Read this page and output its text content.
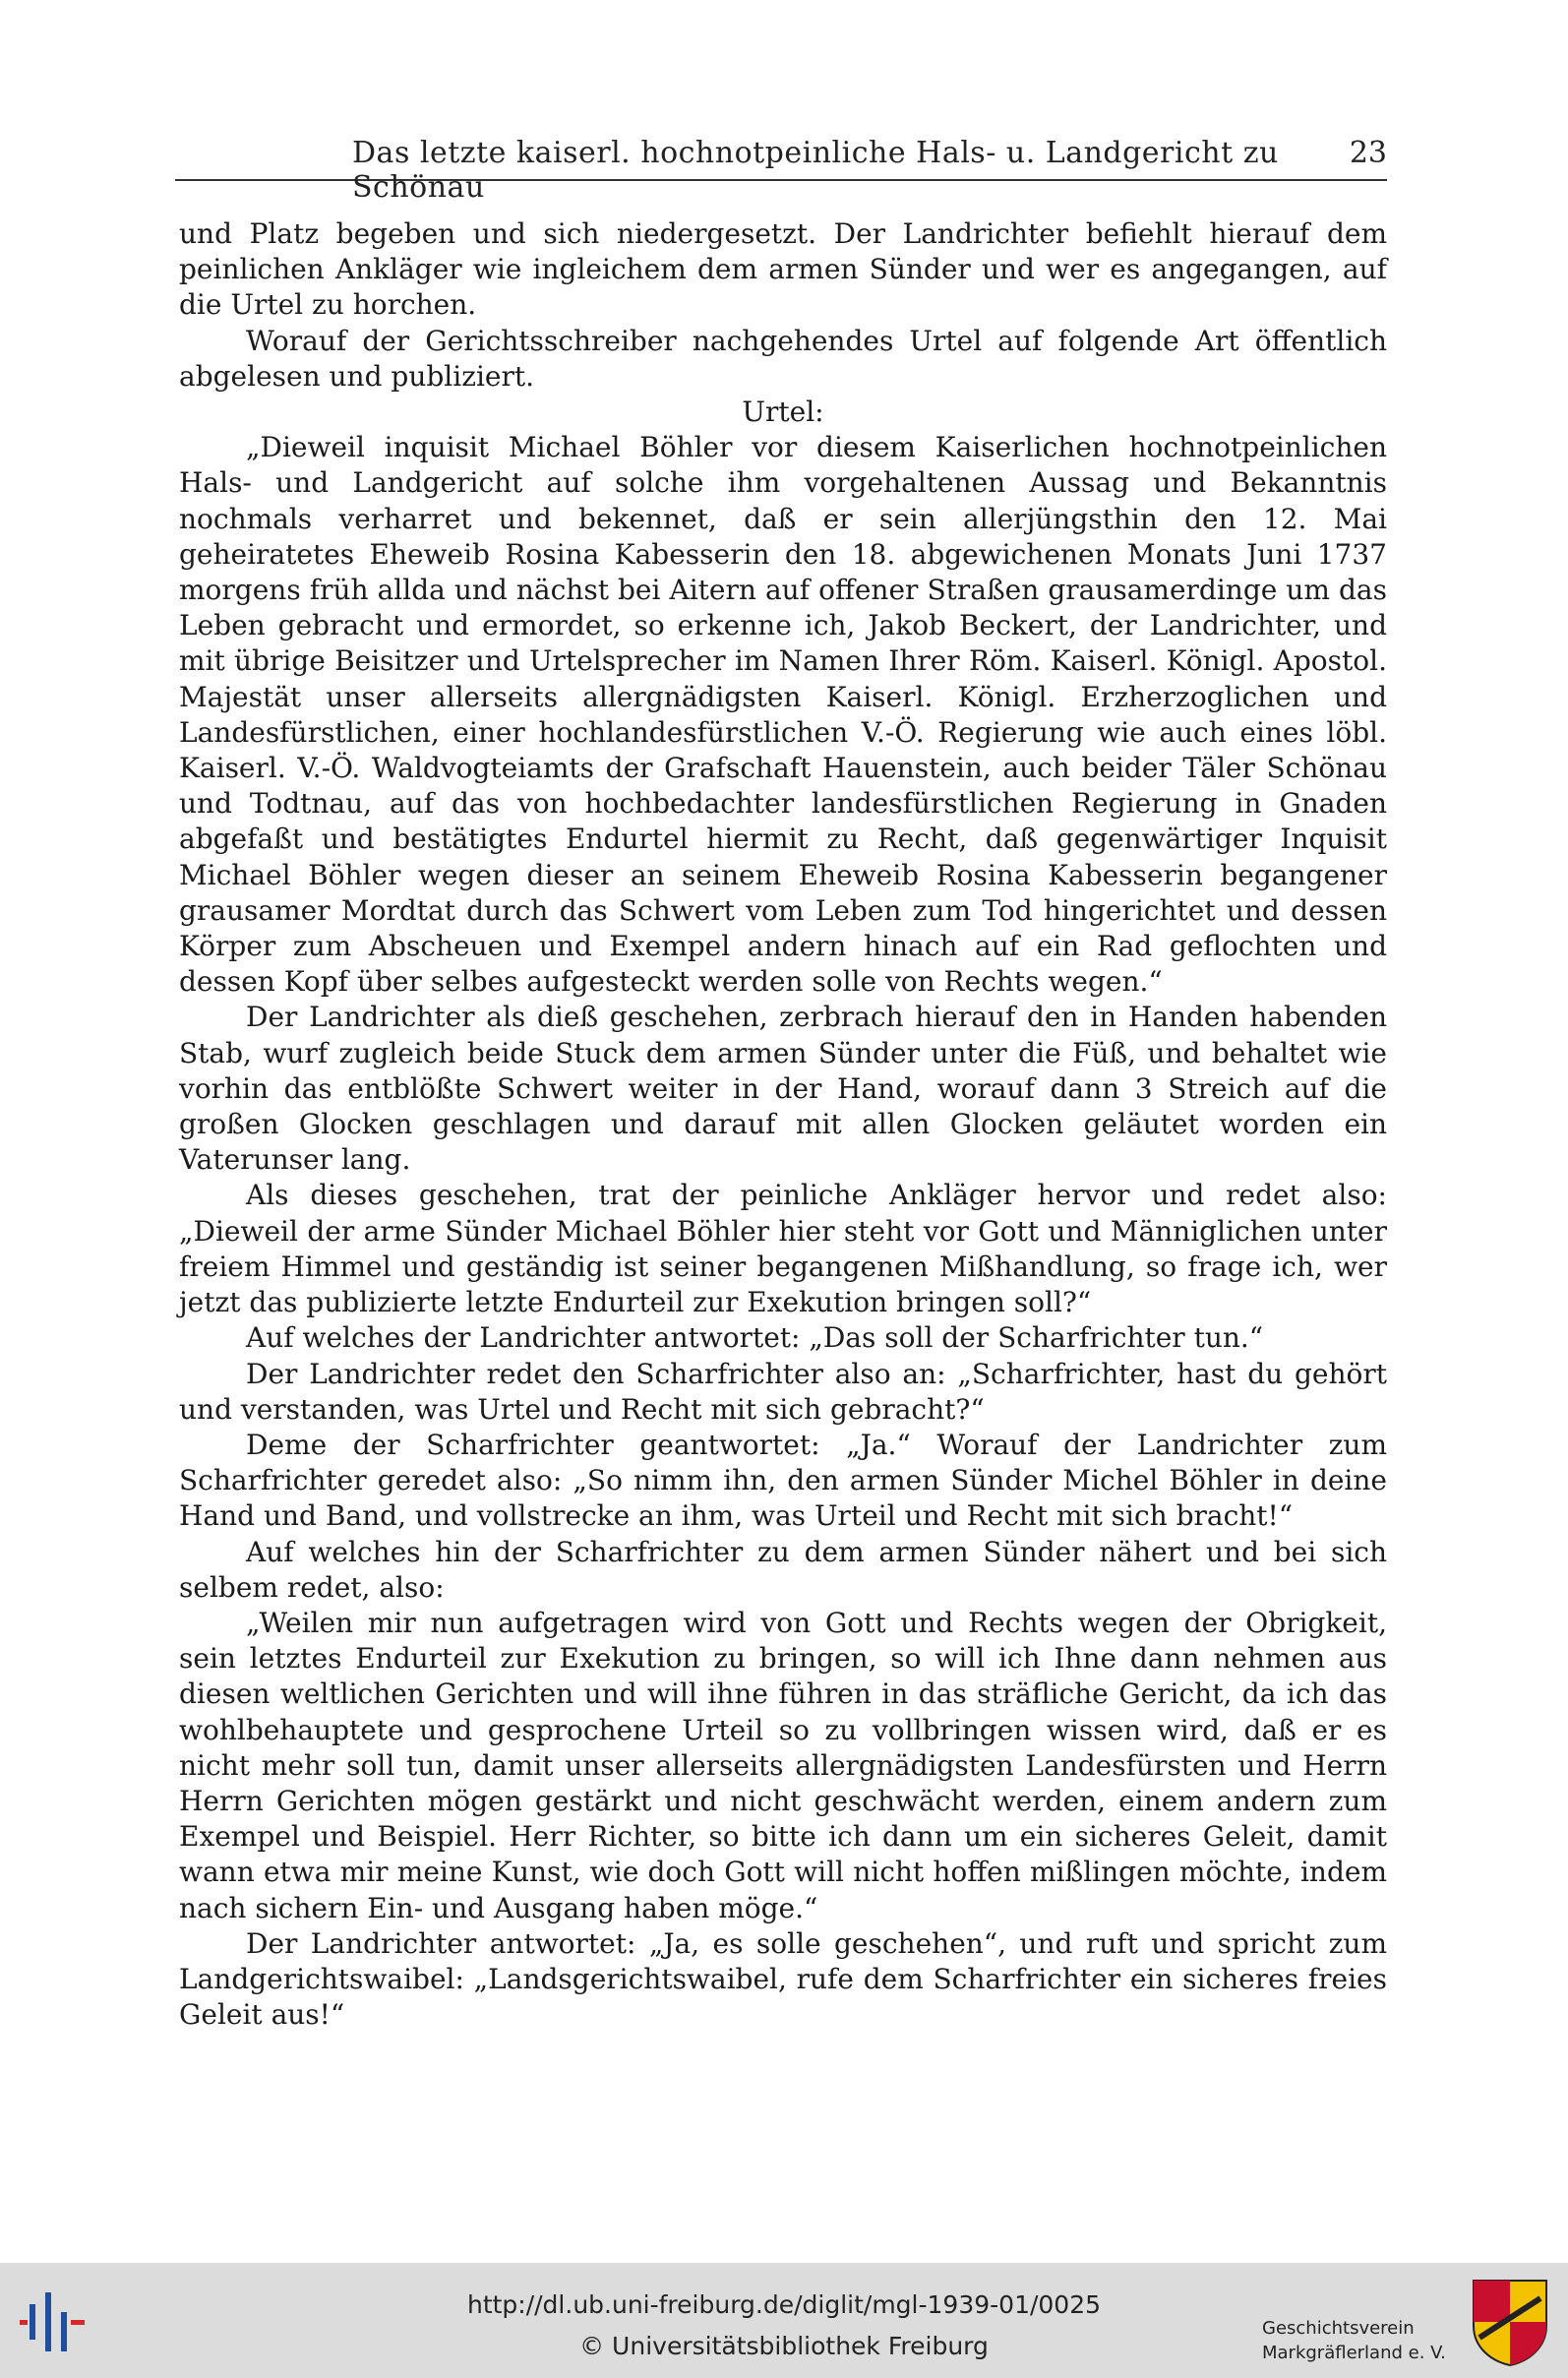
Das letzte kaiserl. hochnotpeinliche Hals- u. Landgericht zu Schönau
23

und Platz begeben und sich niedergesetzt. Der Landrichter befiehlt hierauf dem peinlichen Ankläger wie ingleichem dem armen Sünder und wer es angegangen, auf die Urtel zu horchen.

Worauf der Gerichtsschreiber nachgehendes Urtel auf folgende Art öffentlich abgelesen und publiziert.

Urtel:

„Dieweil inquisit Michael Böhler vor diesem Kaiserlichen hochnotpeinlichen Hals- und Landgericht auf solche ihm vorgehaltenen Aussag und Bekanntnis nochmals verharret und bekennet, daß er sein allerjüngsthin den 12. Mai geheiratetes Eheweib Rosina Kabesserin den 18. abgewichenen Monats Juni 1737 morgens früh allda und nächst bei Aitern auf offener Straßen grausamerdinge um das Leben gebracht und ermordet, so erkenne ich, Jakob Beckert, der Landrichter, und mit übrige Beisitzer und Urtelsprecher im Namen Ihrer Röm. Kaiserl. Königl. Apostol. Majestät unser allerseits allergnädigsten Kaiserl. Königl. Erzherzoglichen und Landesfürstlichen, einer hochlandesfürstlichen V.-Ö. Regierung wie auch eines löbl. Kaiserl. V.-Ö. Waldvogteiamts der Grafschaft Hauenstein, auch beider Täler Schönau und Todtnau, auf das von hochbedachter landesfürstlichen Regierung in Gnaden abgefaßt und bestätigtes Endurtel hiermit zu Recht, daß gegenwärtiger Inquisit Michael Böhler wegen dieser an seinem Eheweib Rosina Kabesserin begangener grausamer Mordtat durch das Schwert vom Leben zum Tod hingerichtet und dessen Körper zum Abscheuen und Exempel andern hinach auf ein Rad geflochten und dessen Kopf über selbes aufgesteckt werden solle von Rechts wegen.“

Der Landrichter als dieß geschehen, zerbrach hierauf den in Handen habenden Stab, wurf zugleich beide Stuck dem armen Sünder unter die Füß, und behaltet wie vorhin das entblößte Schwert weiter in der Hand, worauf dann 3 Streich auf die großen Glocken geschlagen und darauf mit allen Glocken geläutet worden ein Vaterunser lang.

Als dieses geschehen, trat der peinliche Ankläger hervor und redet also: „Dieweil der arme Sünder Michael Böhler hier steht vor Gott und Männiglichen unter freiem Himmel und geständig ist seiner begangenen Mißhandlung, so frage ich, wer jetzt das publizierte letzte Endurteil zur Exekution bringen soll?“

Auf welches der Landrichter antwortet: „Das soll der Scharfrichter tun.“

Der Landrichter redet den Scharfrichter also an: „Scharfrichter, hast du gehört und verstanden, was Urtel und Recht mit sich gebracht?“

Deme der Scharfrichter geantwortet: „Ja.“ Worauf der Landrichter zum Scharfrichter geredet also: „So nimm ihn, den armen Sünder Michel Böhler in deine Hand und Band, und vollstrecke an ihm, was Urteil und Recht mit sich bracht!“

Auf welches hin der Scharfrichter zu dem armen Sünder nähert und bei sich selbem redet, also:

„Weilen mir nun aufgetragen wird von Gott und Rechts wegen der Obrigkeit, sein letztes Endurteil zur Exekution zu bringen, so will ich Ihne dann nehmen aus diesen weltlichen Gerichten und will ihne führen in das sträfliche Gericht, da ich das wohlbehauptete und gesprochene Urteil so zu vollbringen wissen wird, daß er es nicht mehr soll tun, damit unser allerseits allergnädigsten Landesfürsten und Herrn Herrn Gerichten mögen gestärkt und nicht geschwächt werden, einem andern zum Exempel und Beispiel. Herr Richter, so bitte ich dann um ein sicheres Geleit, damit wann etwa mir meine Kunst, wie doch Gott will nicht hoffen mißlingen möchte, indem nach sichern Ein- und Ausgang haben möge.“

Der Landrichter antwortet: „Ja, es solle geschehen“, und ruft und spricht zum Landgerichtswaibel: „Landsgerichtswaibel, rufe dem Scharfrichter ein sicheres freies Geleit aus!“

http://dl.ub.uni-freiburg.de/diglit/mgl-1939-01/0025
© Universitätsbibliothek Freiburg
Geschichtsverein
Markgräflerland e. V.
